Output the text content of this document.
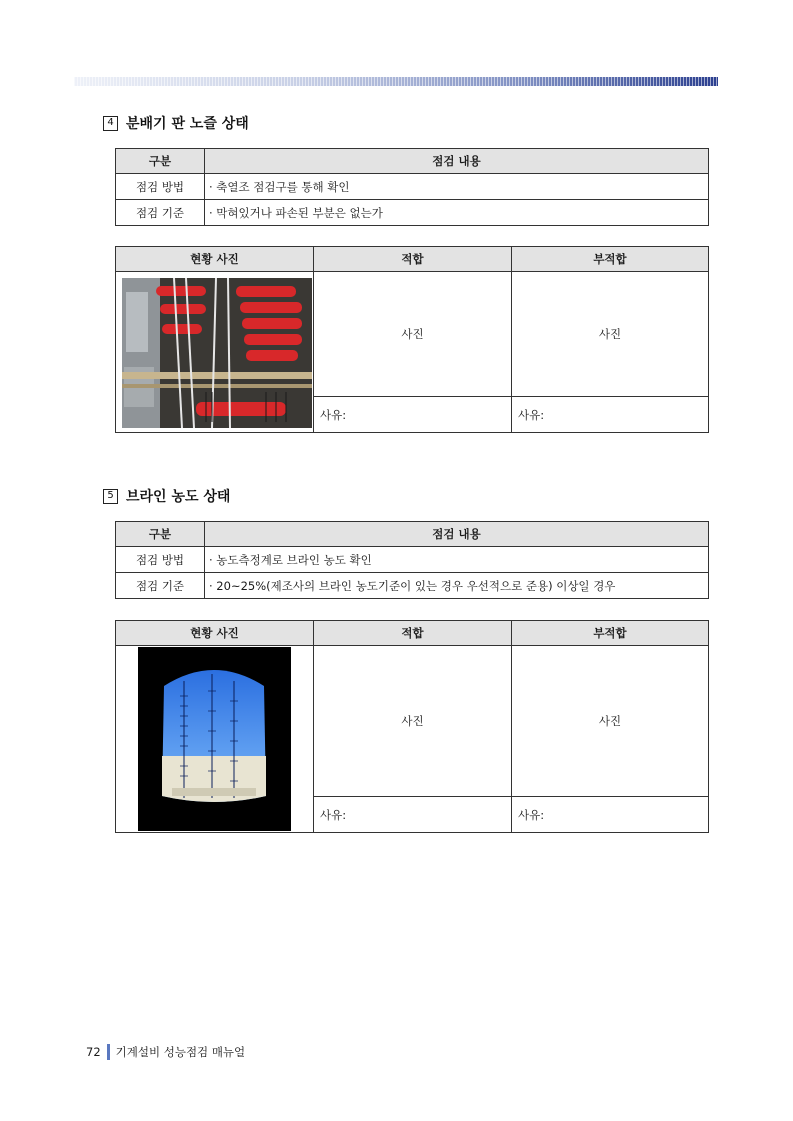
4 분배기 판 노즐 상태
구분	점검 내용
점검 방법	· 축열조 점검구를 통해 확인
점검 기준	· 막혀있거나 파손된 부분은 없는가
현황 사진	적합	부적합

	사진	사진
	사유:	사유:
5 브라인 농도 상태
구분	점검 내용
점검 방법	· 농도측정계로 브라인 농도 확인
점검 기준	· 20~25%(제조사의 브라인 농도기준이 있는 경우 우선적으로 준용) 이상일 경우
현황 사진	적합	부적합

	사진	사진
	사유:	사유:
72 기계설비 성능점검 매뉴얼
